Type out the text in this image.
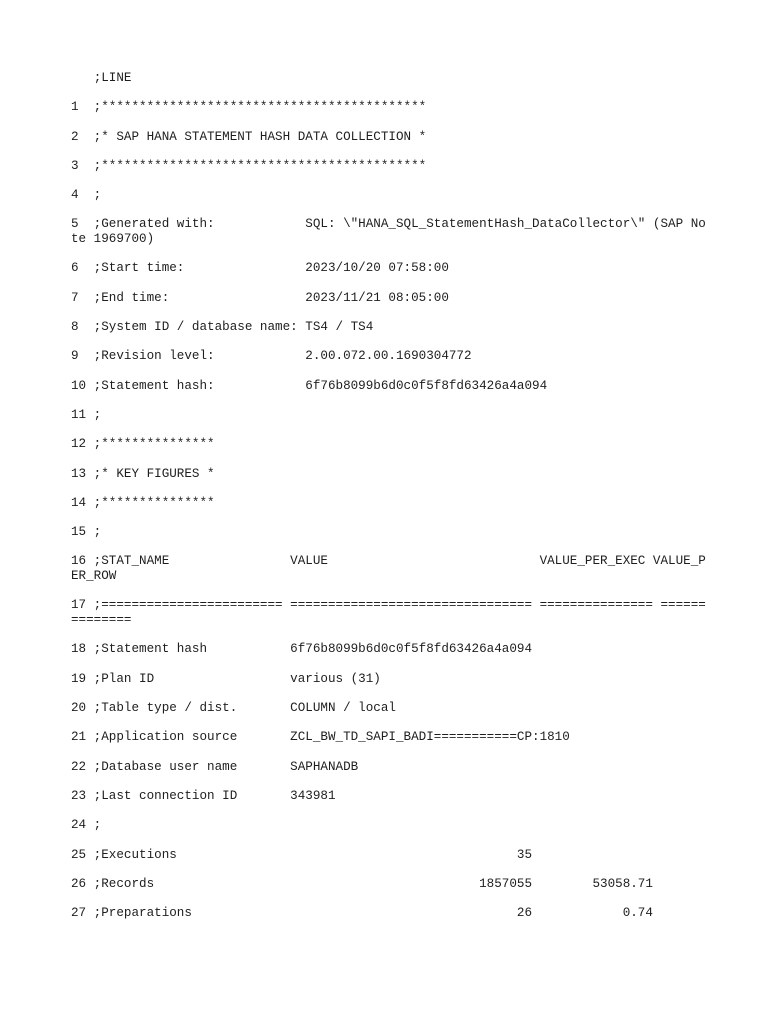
;LINE
1  ;*******************************************
2  ;* SAP HANA STATEMENT HASH DATA COLLECTION *
3  ;*******************************************
4  ;
5  ;Generated with:            SQL: \"HANA_SQL_StatementHash_DataCollector\" (SAP Note 1969700)
6  ;Start time:                2023/10/20 07:58:00
7  ;End time:                  2023/11/21 08:05:00
8  ;System ID / database name: TS4 / TS4
9  ;Revision level:            2.00.072.00.1690304772
10 ;Statement hash:            6f76b8099b6d0c0f5f8fd63426a4a094
11 ;
12 ;***************
13 ;* KEY FIGURES *
14 ;***************
15 ;
16 ;STAT_NAME                VALUE                            VALUE_PER_EXEC VALUE_PER_ROW
17 ;======================== ================================ =============== ==============
18 ;Statement hash           6f76b8099b6d0c0f5f8fd63426a4a094
19 ;Plan ID                  various (31)
20 ;Table type / dist.       COLUMN / local
21 ;Application source       ZCL_BW_TD_SAPI_BADI===========CP:1810
22 ;Database user name       SAPHANADB
23 ;Last connection ID       343981
24 ;
25 ;Executions                                             35
26 ;Records                                           1857055        53058.71
27 ;Preparations                                           26            0.74
